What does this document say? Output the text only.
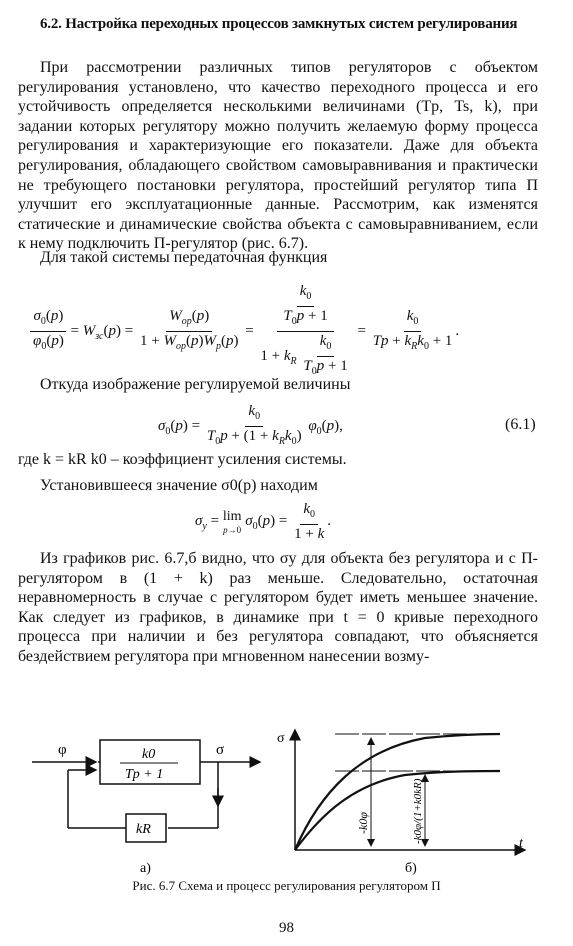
6.2. Настройка переходных процессов замкнутых систем регулирования
При рассмотрении различных типов регуляторов с объектом регулирования установлено, что качество переходного процесса и его устойчивость определяется несколькими величинами (Tр, Ts, k), при задании которых регулятору можно получить желаемую форму процесса регулирования и характеризующие его показатели. Даже для объекта регулирования, обладающего свойством самовыравнивания и практически не требующего постановки регулятора, простейший регулятор типа П улучшит его эксплуатационные данные. Рассмотрим, как изменятся статические и динамические свойства объекта с самовыравниванием, если к нему подключить П-регулятор (рис. 6.7).
Для такой системы передаточная функция
$\frac{\sigma_0(p)}{\varphi_0(p)} = W_{зс}(p) = \frac{W_{ор}(p)}{1 + W_{ор}(p)W_р(p)} = \frac{\frac{k_0}{T_0p + 1}}{1 + k_R \frac{k_0}{T_0p + 1}} = \frac{k_0}{Tp + k_Rk_0 + 1}$ .
Откуда изображение регулируемой величины
$\sigma_0(p) = \frac{k_0}{T_0p + (1 + k_Rk_0)} \varphi_0(p)$,	(6.1)
где k = kR k0 – коэффициент усиления системы.
Установившееся значение σ0(p) находим
$\sigma_у = \lim$
p→0
$\sigma_0(p) = \frac{k_0}{1 + k}$ .
Из графиков рис. 6.7,б видно, что σу для объекта без регулятора и с П-регулятором в (1 + k) раз меньше. Следовательно, остаточная неравномерность в случае с регулятором будет иметь меньшее значение. Как следует из графиков, в динамике при t = 0 кривые переходного процесса при наличии и без регулятора совпадают, что объясняется бездействием регулятора при мгновенном нанесении возму-
φ	k0
Tp + 1
σ
kR
а)
σ
t
-k0φ	-k0φ/(1+k0kR)
б)
Рис. 6.7 Схема и процесс регулирования регулятором П
98
